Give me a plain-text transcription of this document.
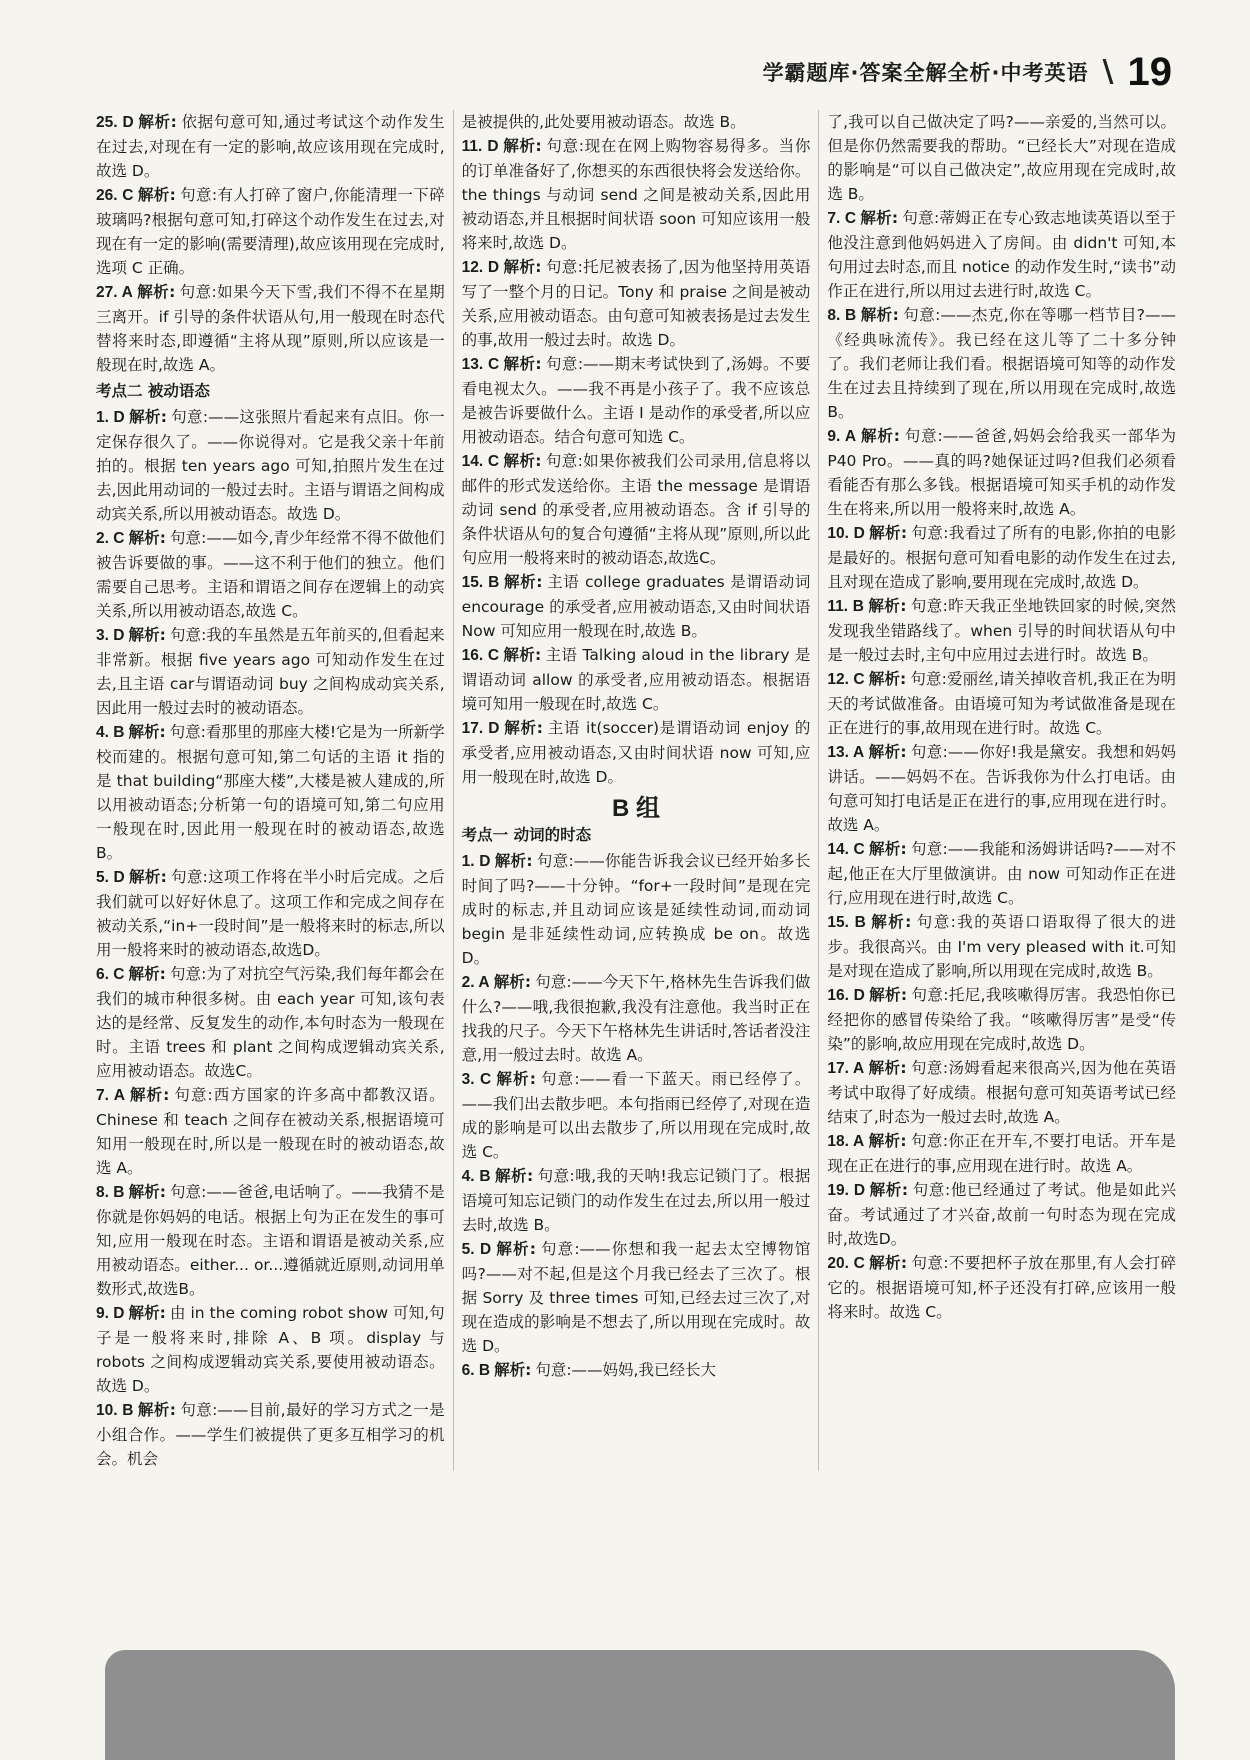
学霸题库·答案全解全析·中考英语 \ 19
25. D 解析: 依据句意可知,通过考试这个动作发生在过去,对现在有一定的影响,故应该用现在完成时,故选 D。
26. C 解析: 句意:有人打碎了窗户,你能清理一下碎玻璃吗?根据句意可知,打碎这个动作发生在过去,对现在有一定的影响(需要清理),故应该用现在完成时,选项 C 正确。
27. A 解析: 句意:如果今天下雪,我们不得不在星期三离开。if 引导的条件状语从句,用一般现在时态代替将来时态,即遵循“主将从现”原则,所以应该是一般现在时,故选 A。
考点二 被动语态
1. D 解析: 句意:——这张照片看起来有点旧。你一定保存很久了。——你说得对。它是我父亲十年前拍的。根据 ten years ago 可知,拍照片发生在过去,因此用动词的一般过去时。主语与谓语之间构成动宾关系,所以用被动语态。故选 D。
2. C 解析: 句意:——如今,青少年经常不得不做他们被告诉要做的事。——这不利于他们的独立。他们需要自己思考。主语和谓语之间存在逻辑上的动宾关系,所以用被动语态,故选 C。
3. D 解析: 句意:我的车虽然是五年前买的,但看起来非常新。根据 five years ago 可知动作发生在过去,且主语 car与谓语动词 buy 之间构成动宾关系,因此用一般过去时的被动语态。
4. B 解析: 句意:看那里的那座大楼!它是为一所新学校而建的。根据句意可知,第二句话的主语 it 指的是 that building“那座大楼”,大楼是被人建成的,所以用被动语态;分析第一句的语境可知,第二句应用一般现在时,因此用一般现在时的被动语态,故选 B。
5. D 解析: 句意:这项工作将在半小时后完成。之后我们就可以好好休息了。这项工作和完成之间存在被动关系,“in+一段时间”是一般将来时的标志,所以用一般将来时的被动语态,故选D。
6. C 解析: 句意:为了对抗空气污染,我们每年都会在我们的城市种很多树。由 each year 可知,该句表达的是经常、反复发生的动作,本句时态为一般现在时。主语 trees 和 plant 之间构成逻辑动宾关系,应用被动语态。故选C。
7. A 解析: 句意:西方国家的许多高中都教汉语。Chinese 和 teach 之间存在被动关系,根据语境可知用一般现在时,所以是一般现在时的被动语态,故选 A。
8. B 解析: 句意:——爸爸,电话响了。——我猜不是你就是你妈妈的电话。根据上句为正在发生的事可知,应用一般现在时态。主语和谓语是被动关系,应用被动语态。either... or...遵循就近原则,动词用单数形式,故选B。
9. D 解析: 由 in the coming robot show 可知,句子是一般将来时,排除 A、B 项。display 与 robots 之间构成逻辑动宾关系,要使用被动语态。故选 D。
10. B 解析: 句意:——目前,最好的学习方式之一是小组合作。——学生们被提供了更多互相学习的机会。机会
是被提供的,此处要用被动语态。故选 B。
11. D 解析: 句意:现在在网上购物容易得多。当你的订单准备好了,你想买的东西很快将会发送给你。the things 与动词 send 之间是被动关系,因此用被动语态,并且根据时间状语 soon 可知应该用一般将来时,故选 D。
12. D 解析: 句意:托尼被表扬了,因为他坚持用英语写了一整个月的日记。Tony 和 praise 之间是被动关系,应用被动语态。由句意可知被表扬是过去发生的事,故用一般过去时。故选 D。
13. C 解析: 句意:——期末考试快到了,汤姆。不要看电视太久。——我不再是小孩子了。我不应该总是被告诉要做什么。主语 I 是动作的承受者,所以应用被动语态。结合句意可知选 C。
14. C 解析: 句意:如果你被我们公司录用,信息将以邮件的形式发送给你。主语 the message 是谓语动词 send 的承受者,应用被动语态。含 if 引导的条件状语从句的复合句遵循“主将从现”原则,所以此句应用一般将来时的被动语态,故选C。
15. B 解析: 主语 college graduates 是谓语动词 encourage 的承受者,应用被动语态,又由时间状语 Now 可知应用一般现在时,故选 B。
16. C 解析: 主语 Talking aloud in the library 是谓语动词 allow 的承受者,应用被动语态。根据语境可知用一般现在时,故选 C。
17. D 解析: 主语 it(soccer)是谓语动词 enjoy 的承受者,应用被动语态,又由时间状语 now 可知,应用一般现在时,故选 D。
B 组
考点一 动词的时态
1. D 解析: 句意:——你能告诉我会议已经开始多长时间了吗?——十分钟。“for+一段时间”是现在完成时的标志,并且动词应该是延续性动词,而动词 begin 是非延续性动词,应转换成 be on。故选 D。
2. A 解析: 句意:——今天下午,格林先生告诉我们做什么?——哦,我很抱歉,我没有注意他。我当时正在找我的尺子。今天下午格林先生讲话时,答话者没注意,用一般过去时。故选 A。
3. C 解析: 句意:——看一下蓝天。雨已经停了。——我们出去散步吧。本句指雨已经停了,对现在造成的影响是可以出去散步了,所以用现在完成时,故选 C。
4. B 解析: 句意:哦,我的天呐!我忘记锁门了。根据语境可知忘记锁门的动作发生在过去,所以用一般过去时,故选 B。
5. D 解析: 句意:——你想和我一起去太空博物馆吗?——对不起,但是这个月我已经去了三次了。根据 Sorry 及 three times 可知,已经去过三次了,对现在造成的影响是不想去了,所以用现在完成时。故选 D。
6. B 解析: 句意:——妈妈,我已经长大
了,我可以自己做决定了吗?——亲爱的,当然可以。但是你仍然需要我的帮助。“已经长大”对现在造成的影响是“可以自己做决定”,故应用现在完成时,故选 B。
7. C 解析: 句意:蒂姆正在专心致志地读英语以至于他没注意到他妈妈进入了房间。由 didn't 可知,本句用过去时态,而且 notice 的动作发生时,“读书”动作正在进行,所以用过去进行时,故选 C。
8. B 解析: 句意:——杰克,你在等哪一档节目?——《经典咏流传》。我已经在这儿等了二十多分钟了。我们老师让我们看。根据语境可知等的动作发生在过去且持续到了现在,所以用现在完成时,故选 B。
9. A 解析: 句意:——爸爸,妈妈会给我买一部华为 P40 Pro。——真的吗?她保证过吗?但我们必须看看能否有那么多钱。根据语境可知买手机的动作发生在将来,所以用一般将来时,故选 A。
10. D 解析: 句意:我看过了所有的电影,你拍的电影是最好的。根据句意可知看电影的动作发生在过去,且对现在造成了影响,要用现在完成时,故选 D。
11. B 解析: 句意:昨天我正坐地铁回家的时候,突然发现我坐错路线了。when 引导的时间状语从句中是一般过去时,主句中应用过去进行时。故选 B。
12. C 解析: 句意:爱丽丝,请关掉收音机,我正在为明天的考试做准备。由语境可知为考试做准备是现在正在进行的事,故用现在进行时。故选 C。
13. A 解析: 句意:——你好!我是黛安。我想和妈妈讲话。——妈妈不在。告诉我你为什么打电话。由句意可知打电话是正在进行的事,应用现在进行时。故选 A。
14. C 解析: 句意:——我能和汤姆讲话吗?——对不起,他正在大厅里做演讲。由 now 可知动作正在进行,应用现在进行时,故选 C。
15. B 解析: 句意:我的英语口语取得了很大的进步。我很高兴。由 I'm very pleased with it.可知是对现在造成了影响,所以用现在完成时,故选 B。
16. D 解析: 句意:托尼,我咳嗽得厉害。我恐怕你已经把你的感冒传染给了我。“咳嗽得厉害”是受“传染”的影响,故应用现在完成时,故选 D。
17. A 解析: 句意:汤姆看起来很高兴,因为他在英语考试中取得了好成绩。根据句意可知英语考试已经结束了,时态为一般过去时,故选 A。
18. A 解析: 句意:你正在开车,不要打电话。开车是现在正在进行的事,应用现在进行时。故选 A。
19. D 解析: 句意:他已经通过了考试。他是如此兴奋。考试通过了才兴奋,故前一句时态为现在完成时,故选D。
20. C 解析: 句意:不要把杯子放在那里,有人会打碎它的。根据语境可知,杯子还没有打碎,应该用一般将来时。故选 C。
